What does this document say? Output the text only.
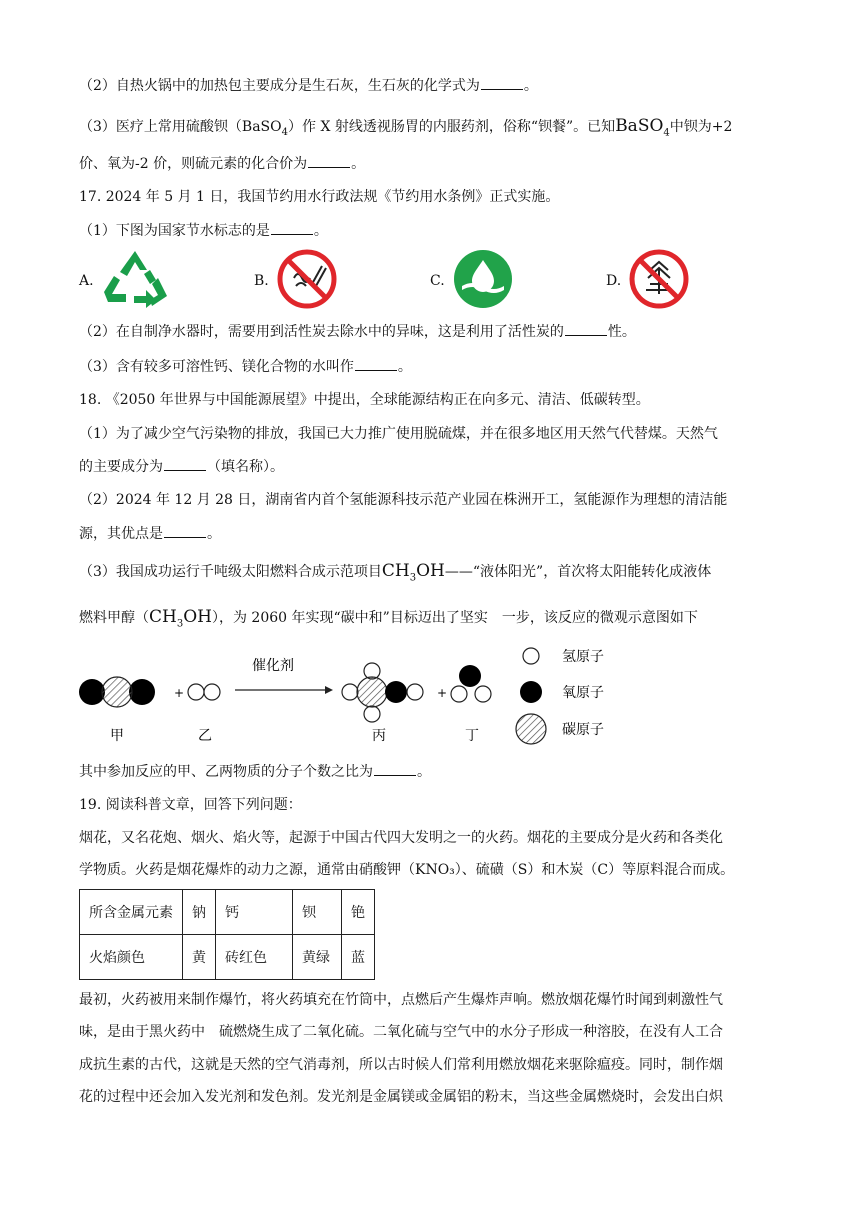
（2）自热火锅中的加热包主要成分是生石灰，生石灰的化学式为	。
（3）医疗上常用硫酸钡（BaSO$_4$）作 X 射线透视肠胃的内服药剂，俗称“钡餐”。已知BaSO$_4$中钡为+2
价、氧为-2 价，则硫元素的化合价为	。
17. 2024 年 5 月 1 日，我国节约用水行政法规《节约用水条例》正式实施。
（1）下图为国家节水标志的是	。
A.	B.	C.	D.
（2）在自制净水器时，需要用到活性炭去除水中的异味，这是利用了活性炭的	性。
（3）含有较多可溶性钙、镁化合物的水叫作	。
18. 《2050 年世界与中国能源展望》中提出，全球能源结构正在向多元、清洁、低碳转型。
（1）为了减少空气污染物的排放，我国已大力推广使用脱硫煤，并在很多地区用天然气代替煤。天然气
的主要成分为	（填名称）。
（2）2024 年 12 月 28 日，湖南省内首个氢能源科技示范产业园在株洲开工，氢能源作为理想的清洁能
源，其优点是	。
（3）我国成功运行千吨级太阳燃料合成示范项目$CH_3OH——“$液体阳光”，首次将太阳能转化成液体
燃料甲醇$(CH_3OH)$，为 2060 年实现“碳中和”目标迈出了坚实　一步，该反应的微观示意图如下
+
催化剂
+
甲	乙	丙	丁
氢原子
氧原子
碳原子
其中参加反应的甲、乙两物质的分子个数之比为	。
19. 阅读科普文章，回答下列问题：
烟花，又名花炮、烟火、焰火等，起源于中国古代四大发明之一的火药。烟花的主要成分是火药和各类化
学物质。火药是烟花爆炸的动力之源，通常由硝酸钾（KNO₃）、硫磺（S）和木炭（C）等原料混合而成。
所含金属元素	钠	钙	钡	铯
火焰颜色	黄	砖红色	黄绿	蓝
最初，火药被用来制作爆竹，将火药填充在竹筒中，点燃后产生爆炸声响。燃放烟花爆竹时闻到刺激性气
味，是由于黑火药中　硫燃烧生成了二氧化硫。二氧化硫与空气中的水分子形成一种溶胶，在没有人工合
成抗生素的古代，这就是天然的空气消毒剂，所以古时候人们常利用燃放烟花来驱除瘟疫。同时，制作烟
花的过程中还会加入发光剂和发色剂。发光剂是金属镁或金属铝的粉末，当这些金属燃烧时，会发出白炽
